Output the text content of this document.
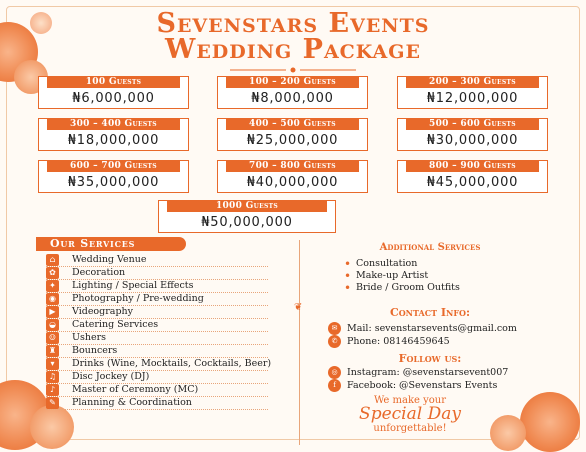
Sevenstars Events
Wedding Package
100 Guests
₦6,000,000
100 – 200 Guests
₦8,000,000
200 – 300 Guests
₦12,000,000
300 – 400 Guests
₦18,000,000
400 – 500 Guests
₦25,000,000
500 – 600 Guests
₦30,000,000
600 – 700 Guests
₦35,000,000
700 – 800 Guests
₦40,000,000
800 – 900 Guests
₦45,000,000
1000 Guests
₦50,000,000
Our Services
⌂	Wedding Venue
✿	Decoration
✦	Lighting / Special Effects
◉	Photography / Pre-wedding
▶	Videography
◒	Catering Services
☺	Ushers
♜	Bouncers
▾	Drinks (Wine, Mocktails, Cocktails, Beer)
♫	Disc Jockey (DJ)
♪	Master of Ceremony (MC)
✎	Planning & Coordination
❦
Additional Services
• Consultation
• Make-up Artist
• Bride / Groom Outfits
Contact Info:
✉ Mail: sevenstarsevents@gmail.com
✆ Phone: 08146459645
Follow us:
◎ Instagram: @sevenstarsevent007
f Facebook: @Sevenstars Events
We make your
Special Day
unforgettable!
